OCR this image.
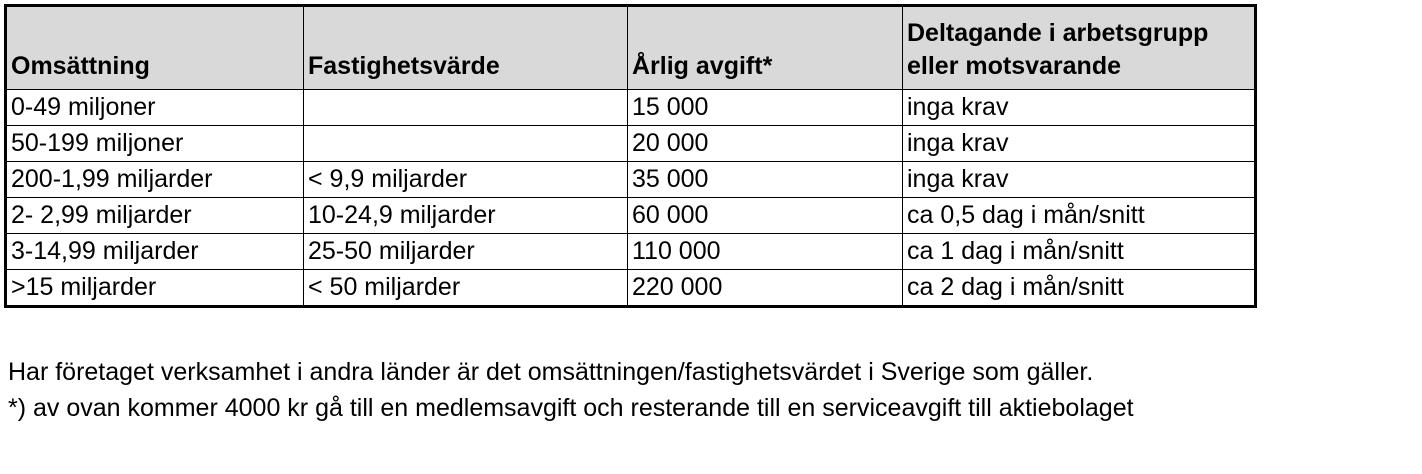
Omsättning	Fastighetsvärde	Årlig avgift*	Deltagande i arbetsgrupp eller motsvarande
0-49 miljoner		15 000	inga krav
50-199 miljoner		20 000	inga krav
200-1,99 miljarder	< 9,9 miljarder	35 000	inga krav
2- 2,99 miljarder	10-24,9 miljarder	60 000	ca 0,5 dag i mån/snitt
3-14,99 miljarder	25-50 miljarder	110 000	ca 1 dag i mån/snitt
>15 miljarder	< 50 miljarder	220 000	ca 2 dag i mån/snitt
Har företaget verksamhet i andra länder är det omsättningen/fastighetsvärdet i Sverige som gäller.
*) av ovan kommer 4000 kr gå till en medlemsavgift och resterande till en serviceavgift till aktiebolaget
